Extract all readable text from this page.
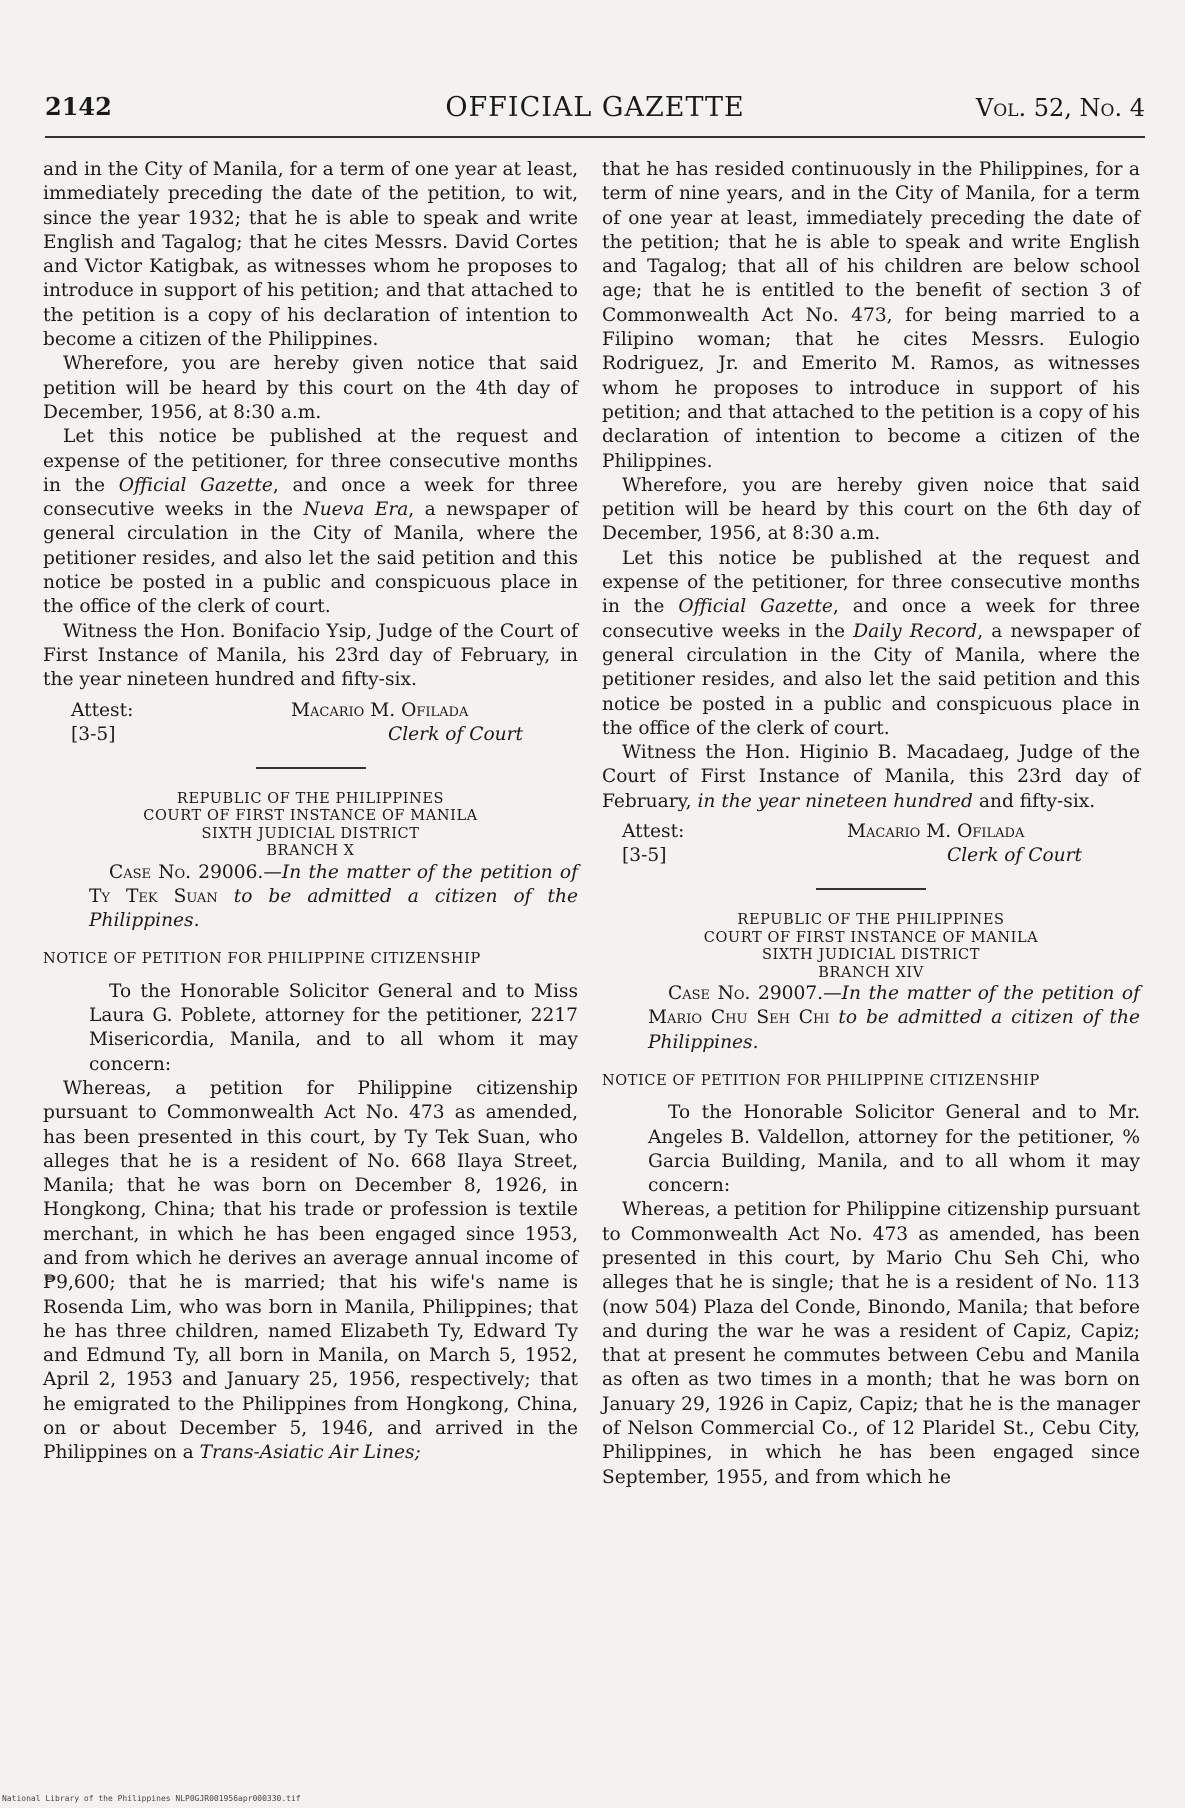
2142	OFFICIAL GAZETTE	Vol. 52, No. 4

and in the City of Manila, for a term of one year at least, immediately preceding the date of the petition, to wit, since the year 1932; that he is able to speak and write English and Tagalog; that he cites Messrs. David Cortes and Victor Katigbak, as witnesses whom he proposes to introduce in support of his petition; and that attached to the petition is a copy of his declaration of intention to become a citizen of the Philippines.

Wherefore, you are hereby given notice that said petition will be heard by this court on the 4th day of December, 1956, at 8:30 a.m.

Let this notice be published at the request and expense of the petitioner, for three consecutive months in the Official Gazette, and once a week for three consecutive weeks in the Nueva Era, a newspaper of general circulation in the City of Manila, where the petitioner resides, and also let the said petition and this notice be posted in a public and conspicuous place in the office of the clerk of court.

Witness the Hon. Bonifacio Ysip, Judge of the Court of First Instance of Manila, his 23rd day of February, in the year nineteen hundred and fifty-six.

Attest:
[3-5]
Macario M. Ofilada
Clerk of Court
REPUBLIC OF THE PHILIPPINES
COURT OF FIRST INSTANCE OF MANILA
SIXTH JUDICIAL DISTRICT
BRANCH X

Case No. 29006.—In the matter of the petition of Ty Tek Suan to be admitted a citizen of the Philippines.

NOTICE OF PETITION FOR PHILIPPINE CITIZENSHIP

To the Honorable Solicitor General and to Miss Laura G. Poblete, attorney for the petitioner, 2217 Misericordia, Manila, and to all whom it may concern:

Whereas, a petition for Philippine citizenship pursuant to Commonwealth Act No. 473 as amended, has been presented in this court, by Ty Tek Suan, who alleges that he is a resident of No. 668 Ilaya Street, Manila; that he was born on December 8, 1926, in Hongkong, China; that his trade or profession is textile merchant, in which he has been engaged since 1953, and from which he derives an average annual income of ₱9,600; that he is married; that his wife's name is Rosenda Lim, who was born in Manila, Philippines; that he has three children, named Elizabeth Ty, Edward Ty and Edmund Ty, all born in Manila, on March 5, 1952, April 2, 1953 and January 25, 1956, respectively; that he emigrated to the Philippines from Hongkong, China, on or about December 5, 1946, and arrived in the Philippines on a Trans-Asiatic Air Lines;

that he has resided continuously in the Philippines, for a term of nine years, and in the City of Manila, for a term of one year at least, immediately preceding the date of the petition; that he is able to speak and write English and Tagalog; that all of his children are below school age; that he is entitled to the benefit of section 3 of Commonwealth Act No. 473, for being married to a Filipino woman; that he cites Messrs. Eulogio Rodriguez, Jr. and Emerito M. Ramos, as witnesses whom he proposes to introduce in support of his petition; and that attached to the petition is a copy of his declaration of intention to become a citizen of the Philippines.

Wherefore, you are hereby given noice that said petition will be heard by this court on the 6th day of December, 1956, at 8:30 a.m.

Let this notice be published at the request and expense of the petitioner, for three consecutive months in the Official Gazette, and once a week for three consecutive weeks in the Daily Record, a newspaper of general circulation in the City of Manila, where the petitioner resides, and also let the said petition and this notice be posted in a public and conspicuous place in the office of the clerk of court.

Witness the Hon. Higinio B. Macadaeg, Judge of the Court of First Instance of Manila, this 23rd day of February, in the year nineteen hundred and fifty-six.

Attest:
[3-5]
Macario M. Ofilada
Clerk of Court
REPUBLIC OF THE PHILIPPINES
COURT OF FIRST INSTANCE OF MANILA
SIXTH JUDICIAL DISTRICT
BRANCH XIV

Case No. 29007.—In the matter of the petition of Mario Chu Seh Chi to be admitted a citizen of the Philippines.

NOTICE OF PETITION FOR PHILIPPINE CITIZENSHIP

To the Honorable Solicitor General and to Mr. Angeles B. Valdellon, attorney for the petitioner, % Garcia Building, Manila, and to all whom it may concern:

Whereas, a petition for Philippine citizenship pursuant to Commonwealth Act No. 473 as amended, has been presented in this court, by Mario Chu Seh Chi, who alleges that he is single; that he is a resident of No. 113 (now 504) Plaza del Conde, Binondo, Manila; that before and during the war he was a resident of Capiz, Capiz; that at present he commutes between Cebu and Manila as often as two times in a month; that he was born on January 29, 1926 in Capiz, Capiz; that he is the manager of Nelson Commercial Co., of 12 Plaridel St., Cebu City, Philippines, in which he has been engaged since September, 1955, and from which he

National Library of the Philippines NLP0GJR001956apr000330.tif
